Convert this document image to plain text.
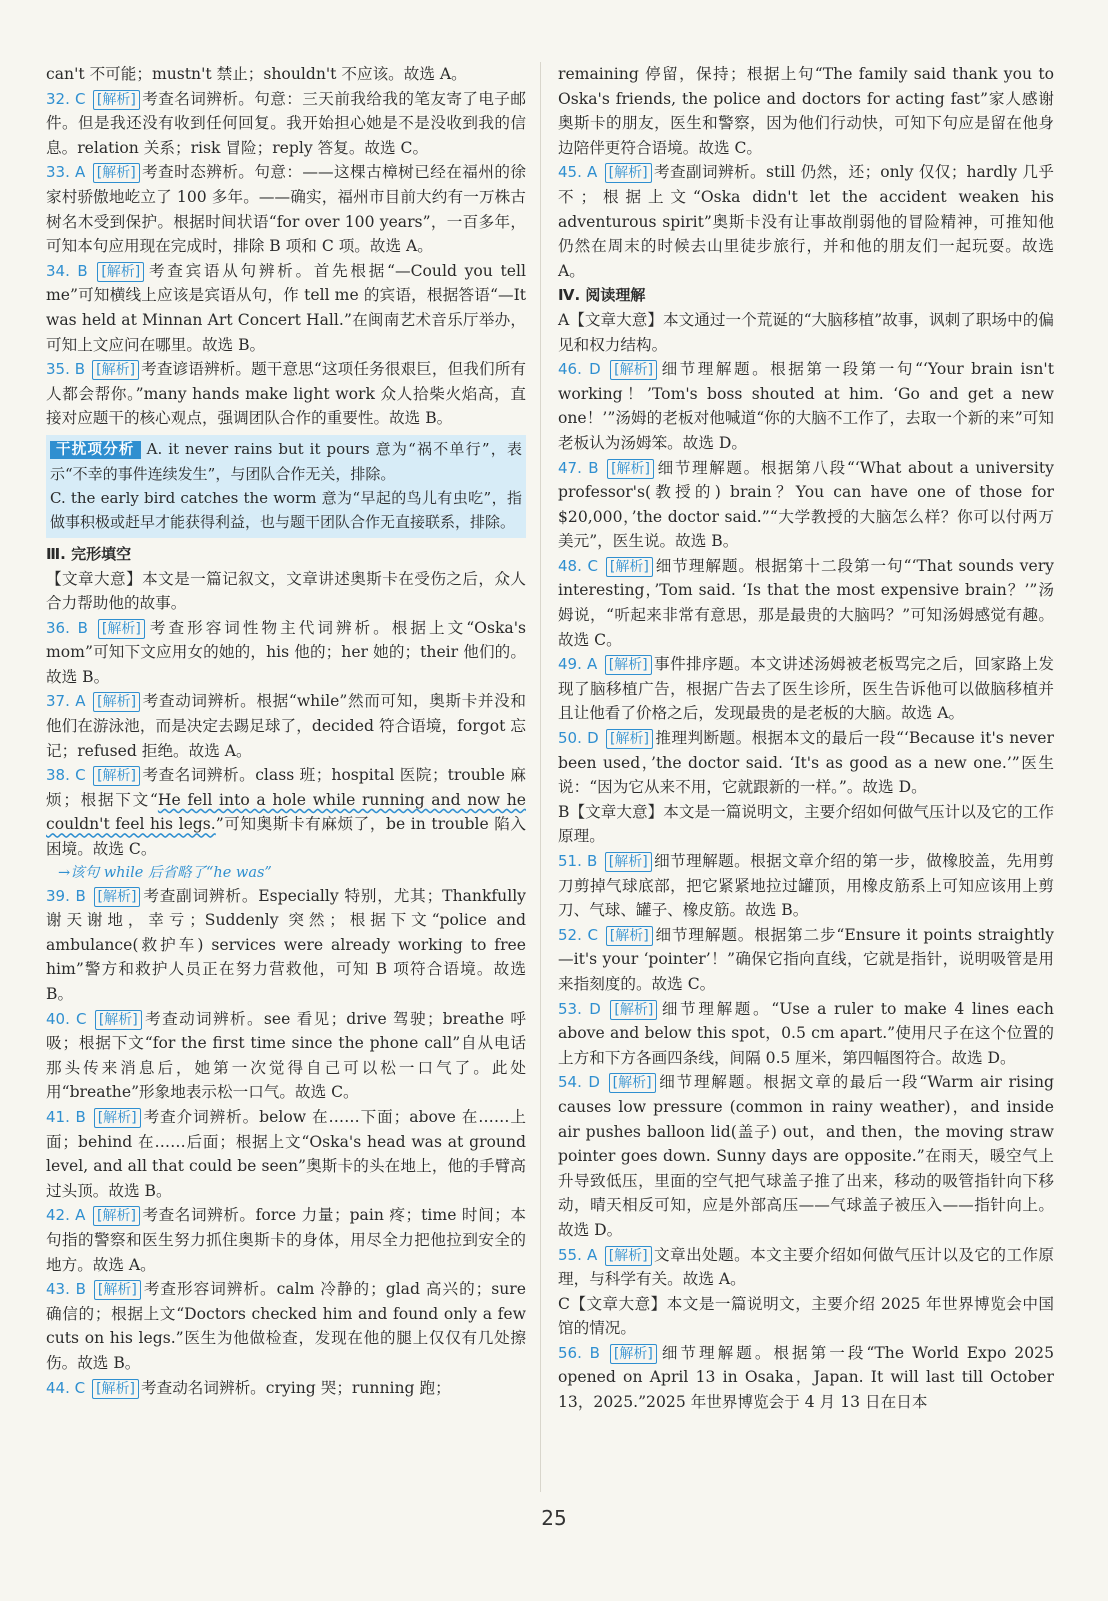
can't 不可能；mustn't 禁止；shouldn't 不应该。故选 A。

32. C [解析] 考查名词辨析。句意：三天前我给我的笔友寄了电子邮件。但是我还没有收到任何回复。我开始担心她是不是没收到我的信息。relation 关系；risk 冒险；reply 答复。故选 C。

33. A [解析] 考查时态辨析。句意：——这棵古樟树已经在福州的徐家村骄傲地屹立了 100 多年。——确实，福州市目前大约有一万株古树名木受到保护。根据时间状语“for over 100 years”，一百多年，可知本句应用现在完成时，排除 B 项和 C 项。故选 A。

34. B [解析] 考查宾语从句辨析。首先根据“—Could you tell me”可知横线上应该是宾语从句，作 tell me 的宾语，根据答语“—It was held at Minnan Art Concert Hall.”在闽南艺术音乐厅举办，可知上文应问在哪里。故选 B。

35. B [解析] 考查谚语辨析。题干意思“这项任务很艰巨，但我们所有人都会帮你。”many hands make light work 众人拾柴火焰高，直接对应题干的核心观点，强调团队合作的重要性。故选 B。

干扰项分析 A. it never rains but it pours 意为“祸不单行”，表示“不幸的事件连续发生”，与团队合作无关，排除。

C. the early bird catches the worm 意为“早起的鸟儿有虫吃”，指做事积极或赶早才能获得利益，也与题干团队合作无直接联系，排除。

Ⅲ. 完形填空

【文章大意】本文是一篇记叙文，文章讲述奥斯卡在受伤之后，众人合力帮助他的故事。

36. B [解析] 考查形容词性物主代词辨析。根据上文“Oska's mom”可知下文应用女的她的，his 他的；her 她的；their 他们的。故选 B。

37. A [解析] 考查动词辨析。根据“while”然而可知，奥斯卡并没和他们在游泳池，而是决定去踢足球了，decided 符合语境，forgot 忘记；refused 拒绝。故选 A。

38. C [解析] 考查名词辨析。class 班；hospital 医院；trouble 麻烦；根据下文“He fell into a hole while running and now he couldn't feel his legs.”可知奥斯卡有麻烦了，be in trouble 陷入困境。故选 C。

→该句 while 后省略了“he was”

39. B [解析] 考查副词辨析。Especially 特别，尤其；Thankfully 谢天谢地，幸亏；Suddenly 突然；根据下文“police and ambulance(救护车) services were already working to free him”警方和救护人员正在努力营救他，可知 B 项符合语境。故选 B。

40. C [解析] 考查动词辨析。see 看见；drive 驾驶；breathe 呼吸；根据下文“for the first time since the phone call”自从电话那头传来消息后，她第一次觉得自己可以松一口气了。此处用“breathe”形象地表示松一口气。故选 C。

41. B [解析] 考查介词辨析。below 在……下面；above 在……上面；behind 在……后面；根据上文“Oska's head was at ground level, and all that could be seen”奥斯卡的头在地上，他的手臂高过头顶。故选 B。

42. A [解析] 考查名词辨析。force 力量；pain 疼；time 时间；本句指的警察和医生努力抓住奥斯卡的身体，用尽全力把他拉到安全的地方。故选 A。

43. B [解析] 考查形容词辨析。calm 冷静的；glad 高兴的；sure 确信的；根据上文“Doctors checked him and found only a few cuts on his legs.”医生为他做检查，发现在他的腿上仅仅有几处擦伤。故选 B。

44. C [解析] 考查动名词辨析。crying 哭；running 跑；

remaining 停留，保持；根据上句“The family said thank you to Oska's friends, the police and doctors for acting fast”家人感谢奥斯卡的朋友，医生和警察，因为他们行动快，可知下句应是留在他身边陪伴更符合语境。故选 C。

45. A [解析] 考查副词辨析。still 仍然，还；only 仅仅；hardly 几乎不；根据上文“Oska didn't let the accident weaken his adventurous spirit”奥斯卡没有让事故削弱他的冒险精神，可推知他仍然在周末的时候去山里徒步旅行，并和他的朋友们一起玩耍。故选 A。

Ⅳ. 阅读理解

A【文章大意】本文通过一个荒诞的“大脑移植”故事，讽刺了职场中的偏见和权力结构。

46. D [解析] 细节理解题。根据第一段第一句“‘Your brain isn't working！’Tom's boss shouted at him. ‘Go and get a new one！’”汤姆的老板对他喊道“你的大脑不工作了，去取一个新的来”可知老板认为汤姆笨。故选 D。

47. B [解析] 细节理解题。根据第八段“‘What about a university professor's(教授的) brain？You can have one of those for $20,000，’the doctor said.”“大学教授的大脑怎么样？你可以付两万美元”，医生说。故选 B。

48. C [解析] 细节理解题。根据第十二段第一句“‘That sounds very interesting，’Tom said. ‘Is that the most expensive brain？’”汤姆说，“听起来非常有意思，那是最贵的大脑吗？”可知汤姆感觉有趣。故选 C。

49. A [解析] 事件排序题。本文讲述汤姆被老板骂完之后，回家路上发现了脑移植广告，根据广告去了医生诊所，医生告诉他可以做脑移植并且让他看了价格之后，发现最贵的是老板的大脑。故选 A。

50. D [解析] 推理判断题。根据本文的最后一段“‘Because it's never been used，’the doctor said. ‘It's as good as a new one.’”医生说：“因为它从来不用，它就跟新的一样。”。故选 D。

B【文章大意】本文是一篇说明文，主要介绍如何做气压计以及它的工作原理。

51. B [解析] 细节理解题。根据文章介绍的第一步，做橡胶盖，先用剪刀剪掉气球底部，把它紧紧地拉过罐顶，用橡皮筋系上可知应该用上剪刀、气球、罐子、橡皮筋。故选 B。

52. C [解析] 细节理解题。根据第二步“Ensure it points straightly—it's your ‘pointer’！”确保它指向直线，它就是指针，说明吸管是用来指刻度的。故选 C。

53. D [解析] 细节理解题。“Use a ruler to make 4 lines each above and below this spot，0.5 cm apart.”使用尺子在这个位置的上方和下方各画四条线，间隔 0.5 厘米，第四幅图符合。故选 D。

54. D [解析] 细节理解题。根据文章的最后一段“Warm air rising causes low pressure (common in rainy weather)，and inside air pushes balloon lid(盖子) out，and then，the moving straw pointer goes down. Sunny days are opposite.”在雨天，暖空气上升导致低压，里面的空气把气球盖子推了出来，移动的吸管指针向下移动，晴天相反可知，应是外部高压——气球盖子被压入——指针向上。故选 D。

55. A [解析] 文章出处题。本文主要介绍如何做气压计以及它的工作原理，与科学有关。故选 A。

C【文章大意】本文是一篇说明文，主要介绍 2025 年世界博览会中国馆的情况。

56. B [解析] 细节理解题。根据第一段“The World Expo 2025 opened on April 13 in Osaka，Japan. It will last till October 13，2025.”2025 年世界博览会于 4 月 13 日在日本

25
